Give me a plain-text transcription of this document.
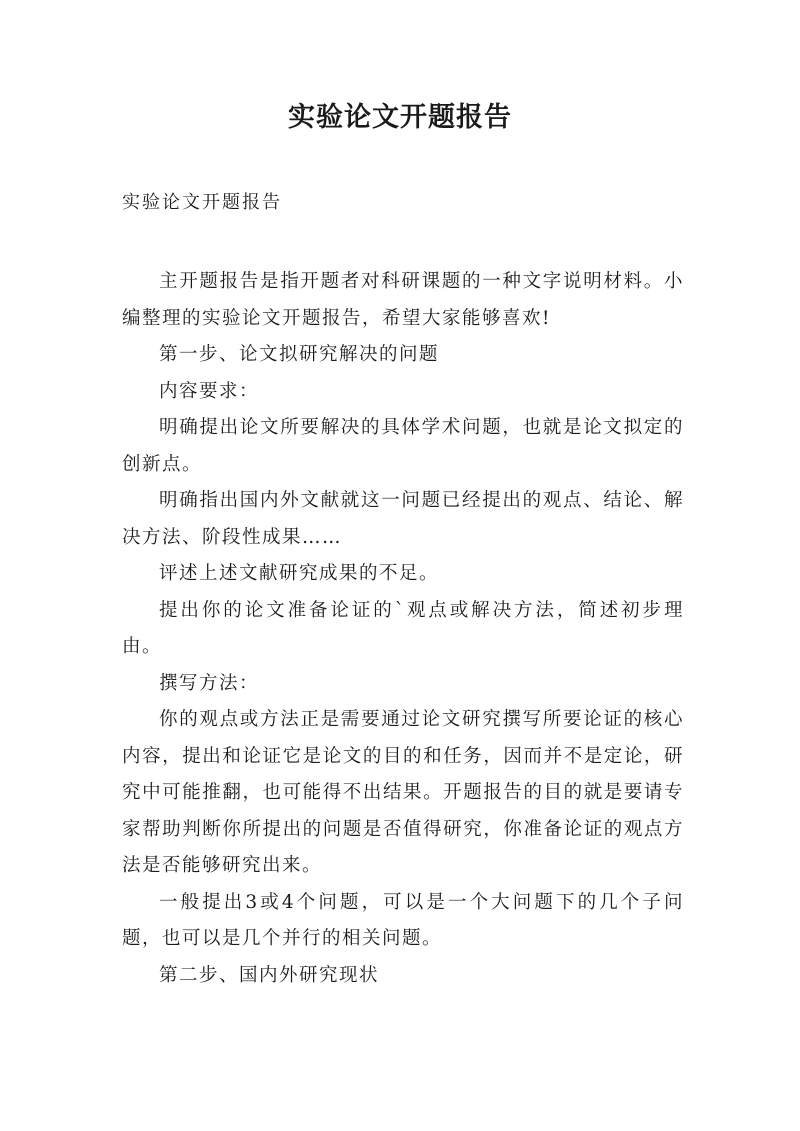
实验论文开题报告

实验论文开题报告

主开题报告是指开题者对科研课题的一种文字说明材料。小编整理的实验论文开题报告，希望大家能够喜欢!

第一步、论文拟研究解决的问题

内容要求：

明确提出论文所要解决的具体学术问题，也就是论文拟定的创新点。

明确指出国内外文献就这一问题已经提出的观点、结论、解决方法、阶段性成果……

评述上述文献研究成果的不足。

提出你的论文准备论证的`观点或解决方法，简述初步理由。

撰写方法：

你的观点或方法正是需要通过论文研究撰写所要论证的核心内容，提出和论证它是论文的目的和任务，因而并不是定论，研究中可能推翻，也可能得不出结果。开题报告的目的就是要请专家帮助判断你所提出的问题是否值得研究，你准备论证的观点方法是否能够研究出来。

一般提出3或4个问题，可以是一个大问题下的几个子问题，也可以是几个并行的相关问题。

第二步、国内外研究现状
